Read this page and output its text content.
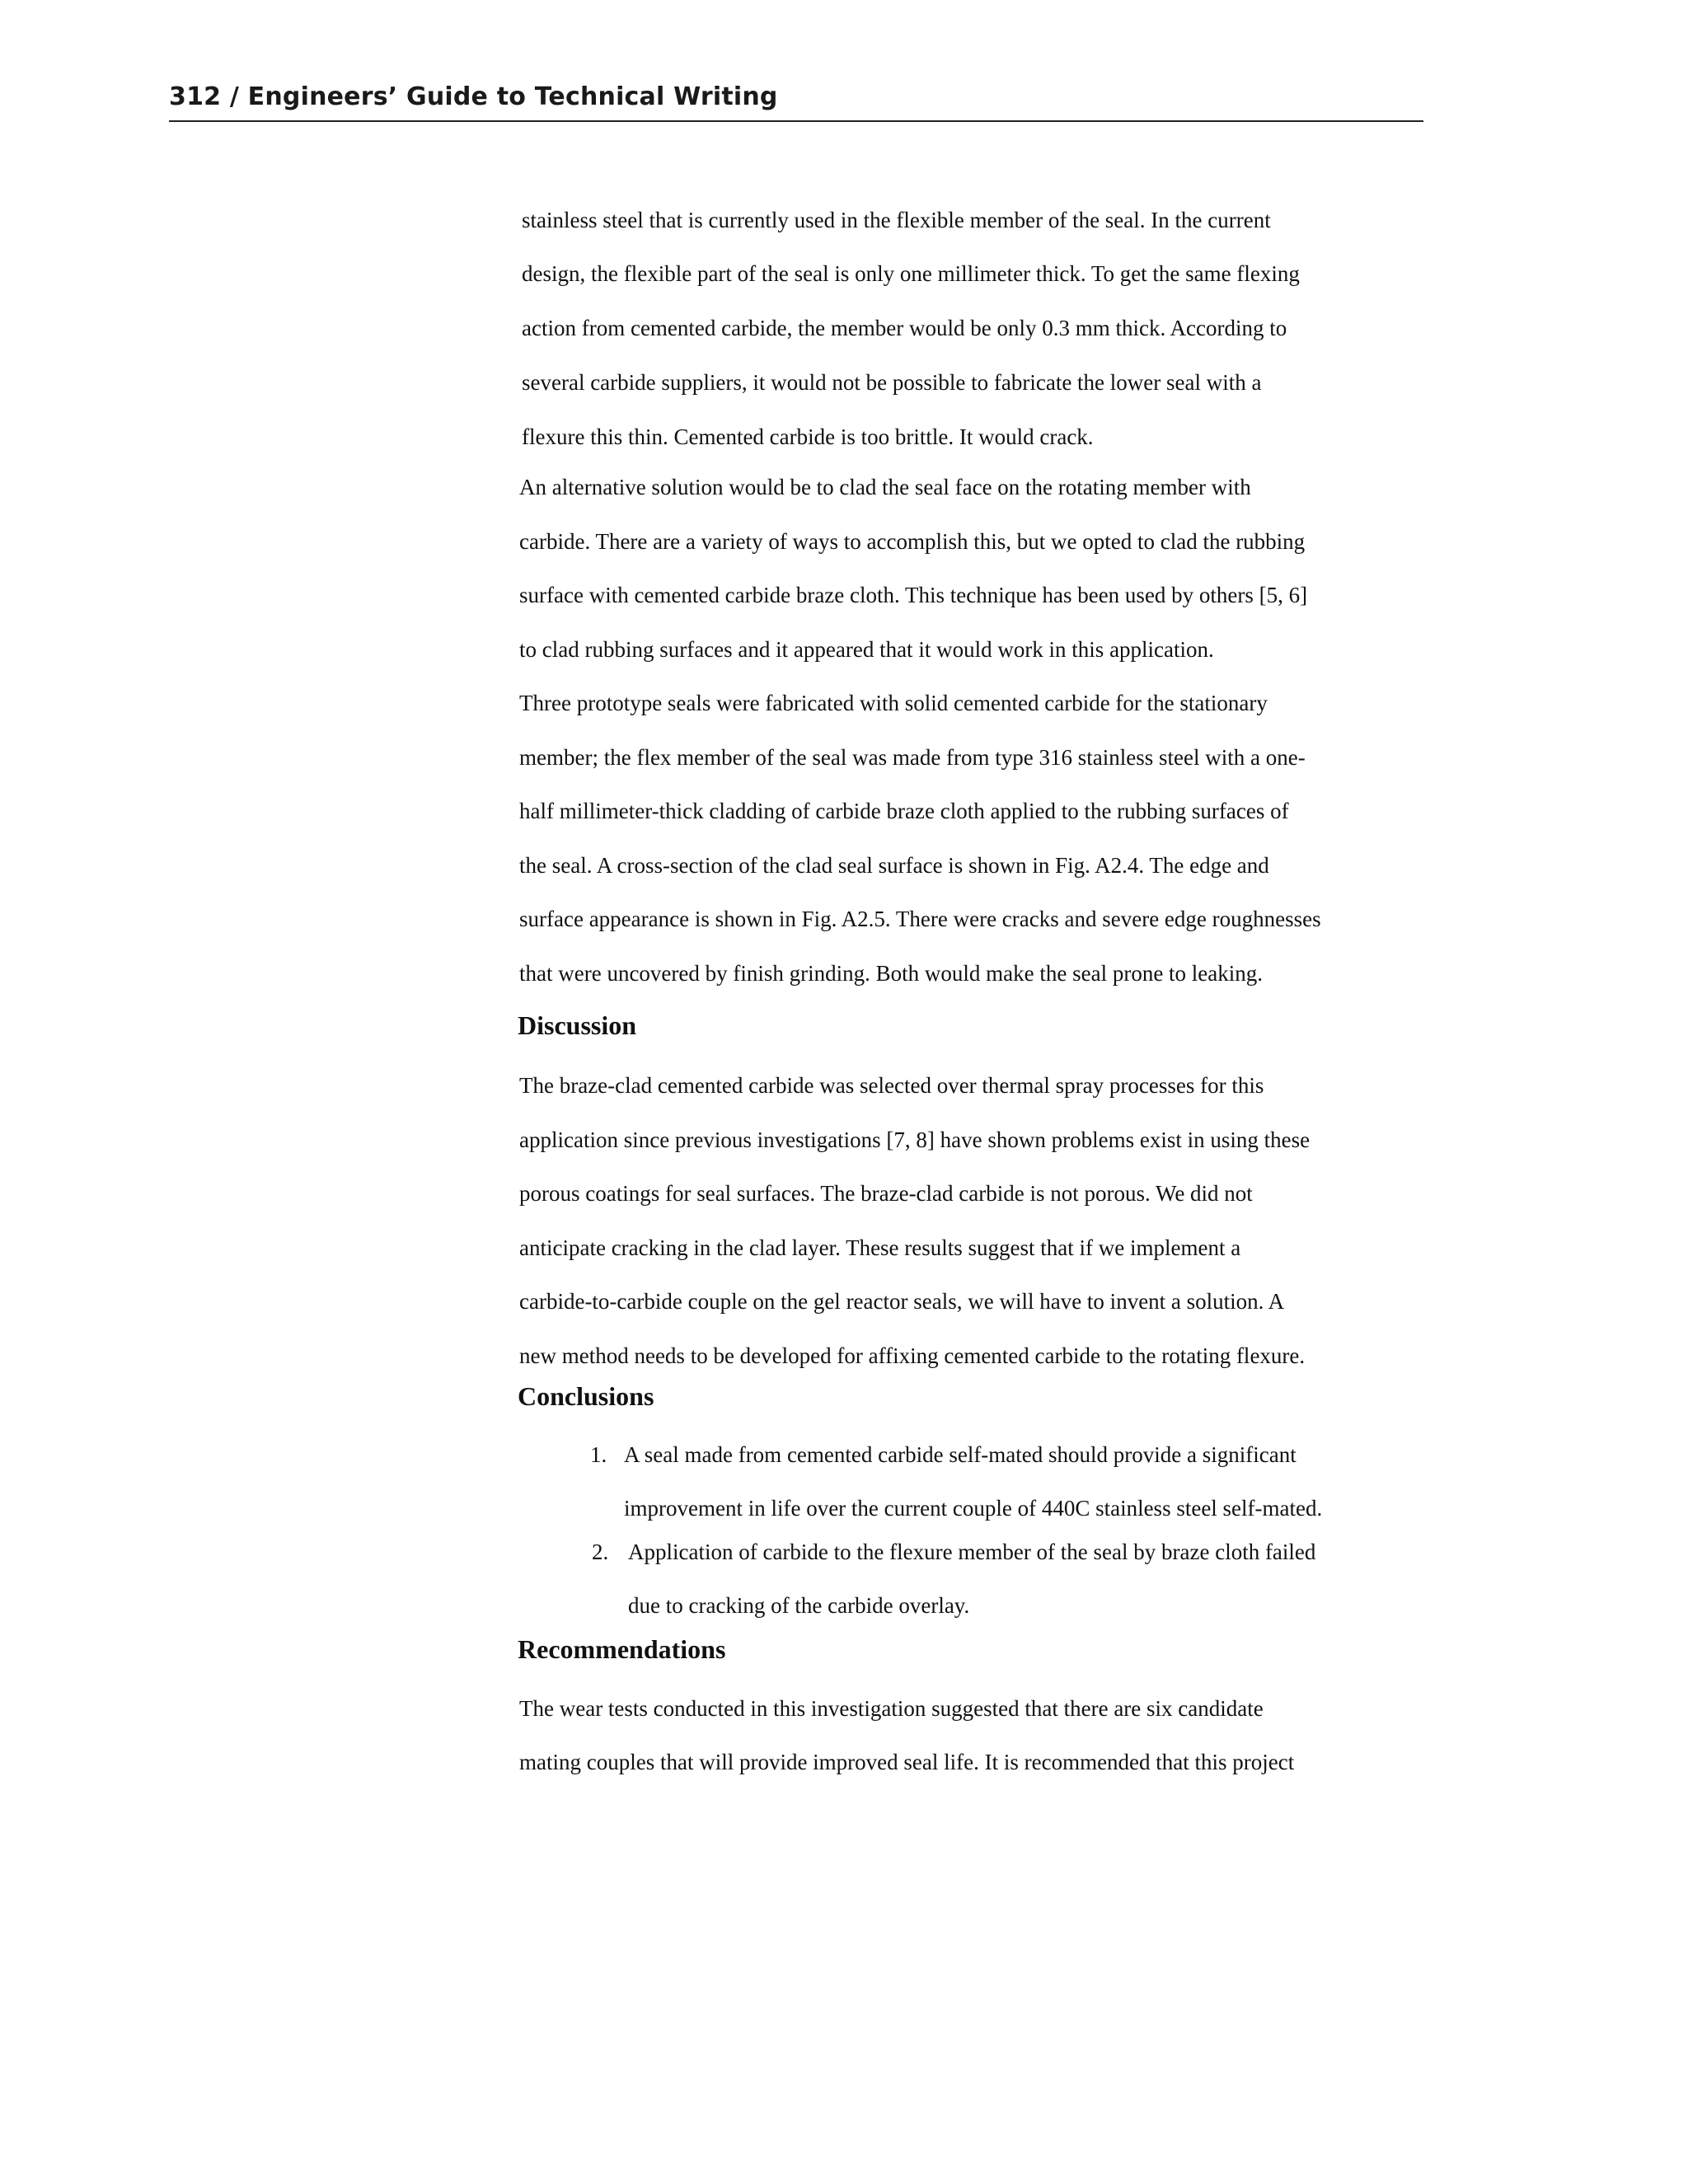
312 / Engineers’ Guide to Technical Writing
stainless steel that is currently used in the flexible member of the seal. In the current
design, the flexible part of the seal is only one millimeter thick. To get the same flexing
action from cemented carbide, the member would be only 0.3 mm thick. According to
several carbide suppliers, it would not be possible to fabricate the lower seal with a
flexure this thin. Cemented carbide is too brittle. It would crack.
An alternative solution would be to clad the seal face on the rotating member with
carbide. There are a variety of ways to accomplish this, but we opted to clad the rubbing
surface with cemented carbide braze cloth. This technique has been used by others [5, 6]
to clad rubbing surfaces and it appeared that it would work in this application.
Three prototype seals were fabricated with solid cemented carbide for the stationary
member; the flex member of the seal was made from type 316 stainless steel with a one-
half millimeter-thick cladding of carbide braze cloth applied to the rubbing surfaces of
the seal. A cross-section of the clad seal surface is shown in Fig. A2.4. The edge and
surface appearance is shown in Fig. A2.5. There were cracks and severe edge roughnesses
that were uncovered by finish grinding. Both would make the seal prone to leaking.
Discussion
The braze-clad cemented carbide was selected over thermal spray processes for this
application since previous investigations [7, 8] have shown problems exist in using these
porous coatings for seal surfaces. The braze-clad carbide is not porous. We did not
anticipate cracking in the clad layer. These results suggest that if we implement a
carbide-to-carbide couple on the gel reactor seals, we will have to invent a solution. A
new method needs to be developed for affixing cemented carbide to the rotating flexure.
Conclusions
1. A seal made from cemented carbide self-mated should provide a significant
improvement in life over the current couple of 440C stainless steel self-mated.
2. Application of carbide to the flexure member of the seal by braze cloth failed
due to cracking of the carbide overlay.
Recommendations
The wear tests conducted in this investigation suggested that there are six candidate
mating couples that will provide improved seal life. It is recommended that this project
